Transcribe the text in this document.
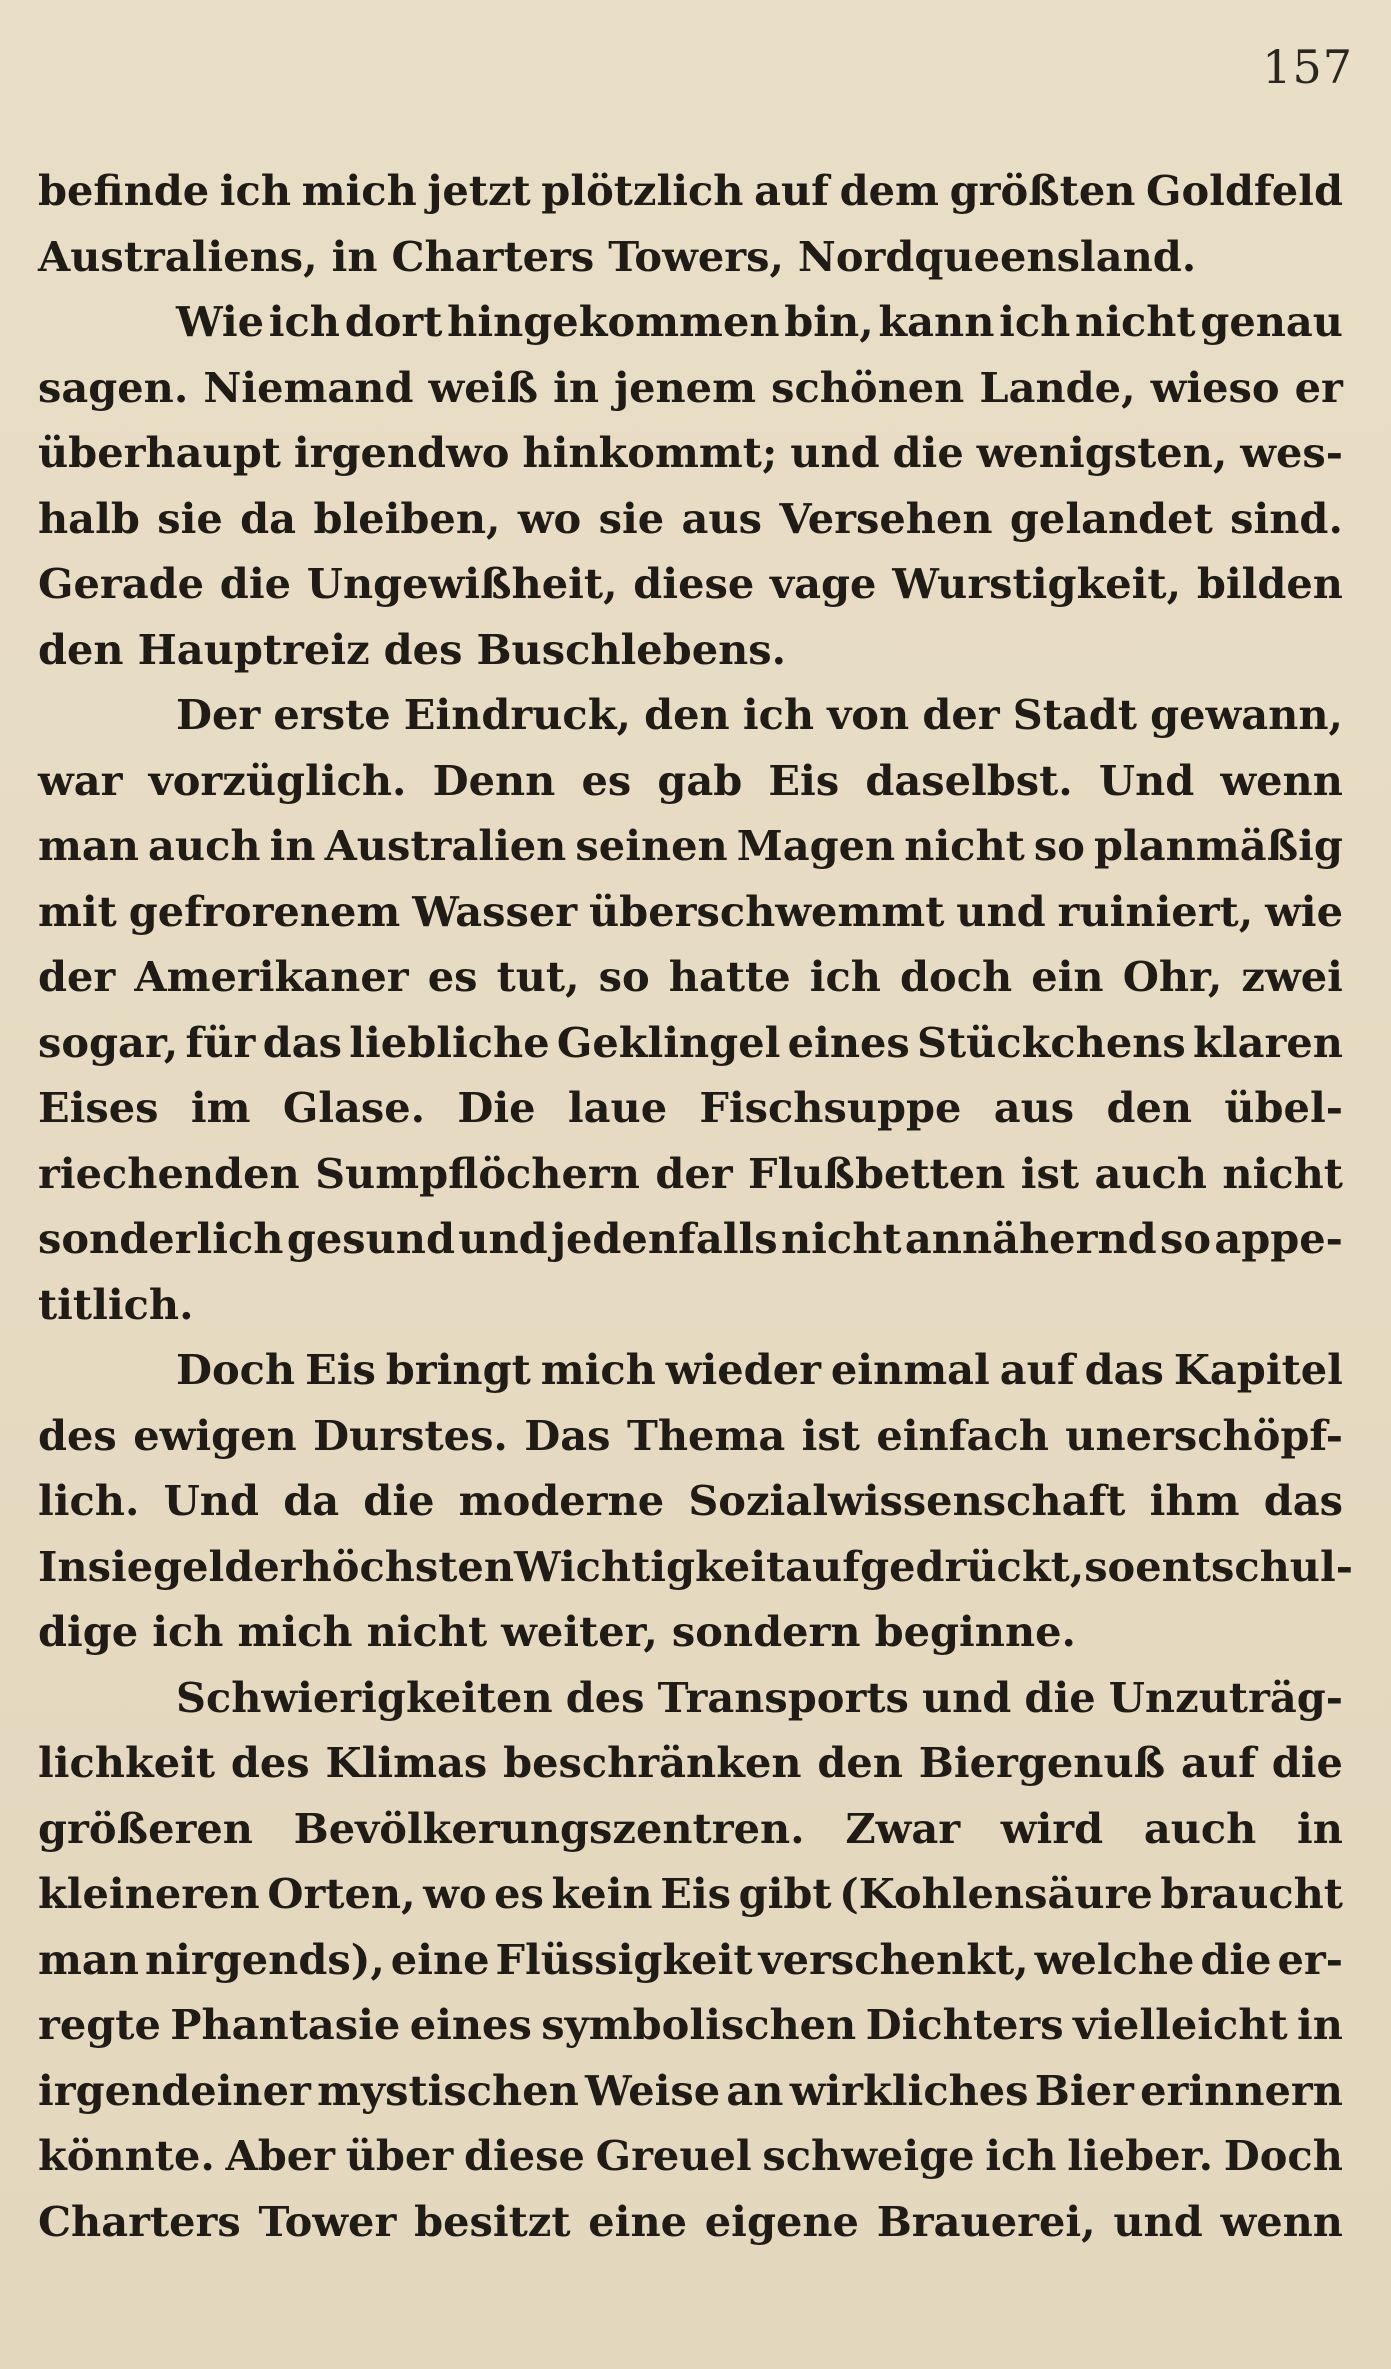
157
befinde ich mich jetzt plötzlich auf dem größten Goldfeld
Australiens, in Charters Towers, Nordqueensland.
Wie ich dort hingekommen bin, kann ich nicht genau
sagen. Niemand weiß in jenem schönen Lande, wieso er
überhaupt irgendwo hinkommt; und die wenigsten, wes-
halb sie da bleiben, wo sie aus Versehen gelandet sind.
Gerade die Ungewißheit, diese vage Wurstigkeit, bilden
den Hauptreiz des Buschlebens.
Der erste Eindruck, den ich von der Stadt gewann,
war vorzüglich. Denn es gab Eis daselbst. Und wenn
man auch in Australien seinen Magen nicht so planmäßig
mit gefrorenem Wasser überschwemmt und ruiniert, wie
der Amerikaner es tut, so hatte ich doch ein Ohr, zwei
sogar, für das liebliche Geklingel eines Stückchens klaren
Eises im Glase. Die laue Fischsuppe aus den übel-
riechenden Sumpflöchern der Flußbetten ist auch nicht
sonderlich gesund und jedenfalls nicht annähernd so appe-
titlich.
Doch Eis bringt mich wieder einmal auf das Kapitel
des ewigen Durstes. Das Thema ist einfach unerschöpf-
lich. Und da die moderne Sozialwissenschaft ihm das
Insiegel der höchsten Wichtigkeit aufgedrückt, so entschul-
dige ich mich nicht weiter, sondern beginne.
Schwierigkeiten des Transports und die Unzuträg-
lichkeit des Klimas beschränken den Biergenuß auf die
größeren Bevölkerungszentren. Zwar wird auch in
kleineren Orten, wo es kein Eis gibt (Kohlensäure braucht
man nirgends), eine Flüssigkeit verschenkt, welche die er-
regte Phantasie eines symbolischen Dichters vielleicht in
irgendeiner mystischen Weise an wirkliches Bier erinnern
könnte. Aber über diese Greuel schweige ich lieber. Doch
Charters Tower besitzt eine eigene Brauerei, und wenn
